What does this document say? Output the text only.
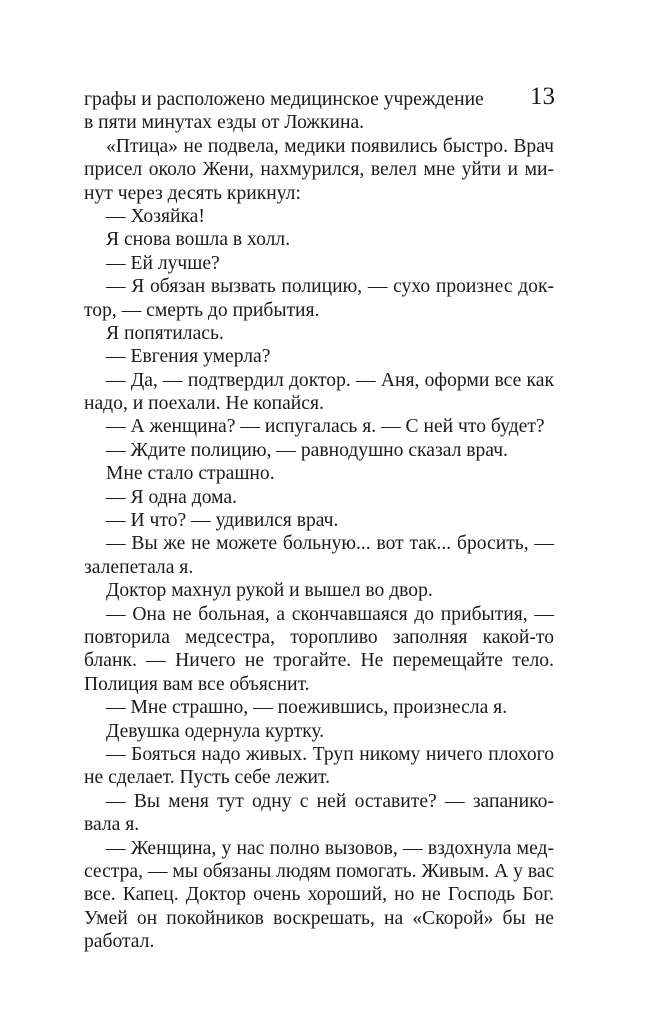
13
графы и расположено медицинское учреждение
в пяти минутах езды от Ложкина.
«Птица» не подвела, медики появились быстро. Врач
присел около Жени, нахмурился, велел мне уйти и ми-
нут через десять крикнул:
— Хозяйка!
Я снова вошла в холл.
— Ей лучше?
— Я обязан вызвать полицию, — сухо произнес док-
тор, — смерть до прибытия.
Я попятилась.
— Евгения умерла?
— Да, — подтвердил доктор. — Аня, оформи все как
надо, и поехали. Не копайся.
— А женщина? — испугалась я. — С ней что будет?
— Ждите полицию, — равнодушно сказал врач.
Мне стало страшно.
— Я одна дома.
— И что? — удивился врач.
— Вы же не можете больную... вот так... бросить, —
залепетала я.
Доктор махнул рукой и вышел во двор.
— Она не больная, а скончавшаяся до прибытия, —
повторила медсестра, торопливо заполняя какой-то
бланк. — Ничего не трогайте. Не перемещайте тело.
Полиция вам все объяснит.
— Мне страшно, — поежившись, произнесла я.
Девушка одернула куртку.
— Бояться надо живых. Труп никому ничего плохого
не сделает. Пусть себе лежит.
— Вы меня тут одну с ней оставите? — запанико-
вала я.
— Женщина, у нас полно вызовов, — вздохнула мед-
сестра, — мы обязаны людям помогать. Живым. А у вас
все. Капец. Доктор очень хороший, но не Господь Бог.
Умей он покойников воскрешать, на «Скорой» бы не
работал.
